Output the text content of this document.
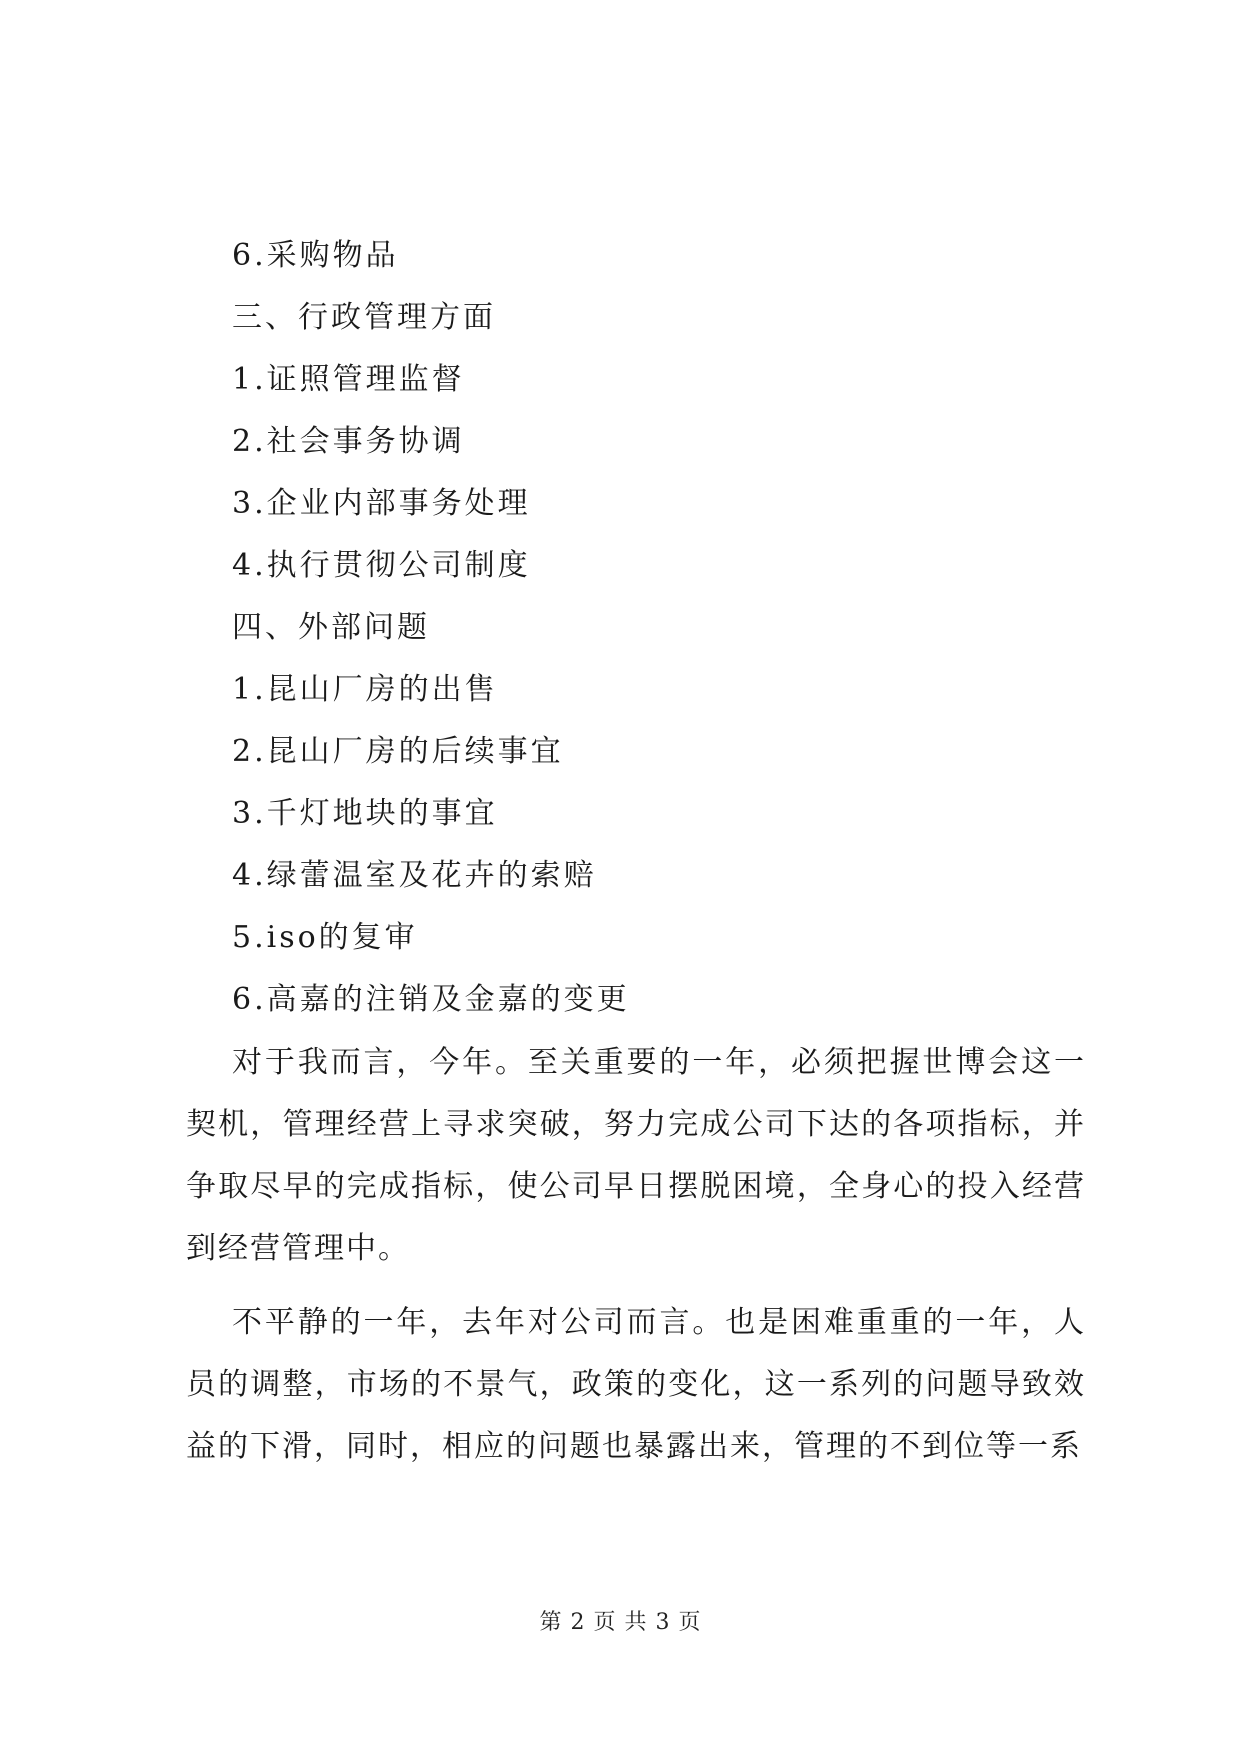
6.采购物品
三、行政管理方面
1.证照管理监督
2.社会事务协调
3.企业内部事务处理
4.执行贯彻公司制度
四、外部问题
1.昆山厂房的出售
2.昆山厂房的后续事宜
3.千灯地块的事宜
4.绿蕾温室及花卉的索赔
5.iso的复审
6.高嘉的注销及金嘉的变更

对于我而言，今年。至关重要的一年，必须把握世博会这一契机，管理经营上寻求突破，努力完成公司下达的各项指标，并争取尽早的完成指标，使公司早日摆脱困境，全身心的投入经营到经营管理中。

不平静的一年，去年对公司而言。也是困难重重的一年，人员的调整，市场的不景气，政策的变化，这一系列的问题导致效益的下滑，同时，相应的问题也暴露出来，管理的不到位等一系

第 2 页 共 3 页
